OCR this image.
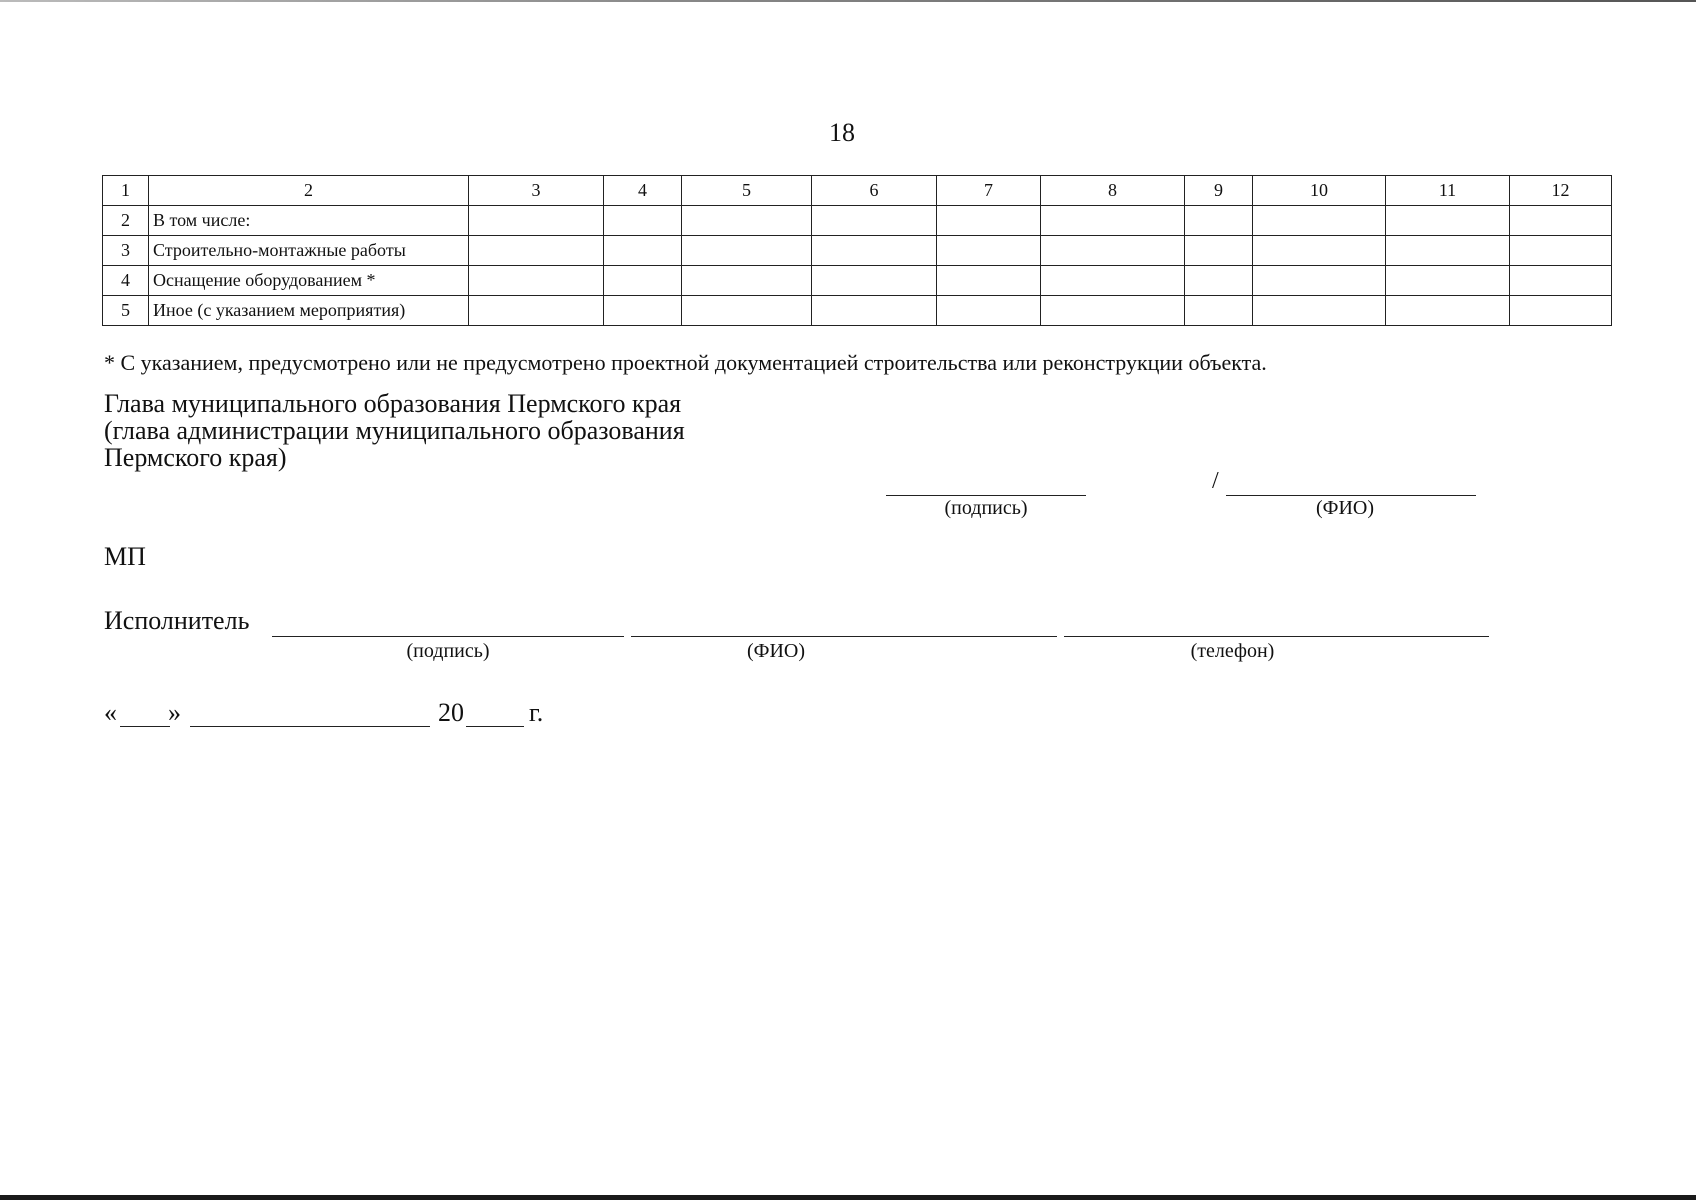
18
1	2	3	4	5	6	7	8	9	10	11	12
2	В том числе:										
3	Строительно-монтажные работы										
4	Оснащение оборудованием *										
5	Иное (с указанием мероприятия)										
* С указанием, предусмотрено или не предусмотрено проектной документацией строительства или реконструкции объекта.
Глава муниципального образования Пермского края
(глава администрации муниципального образования
Пермского края)
(подпись)
/
(ФИО)
МП
Исполнитель
(подпись)	(ФИО)	(телефон)
« »	20	г.
